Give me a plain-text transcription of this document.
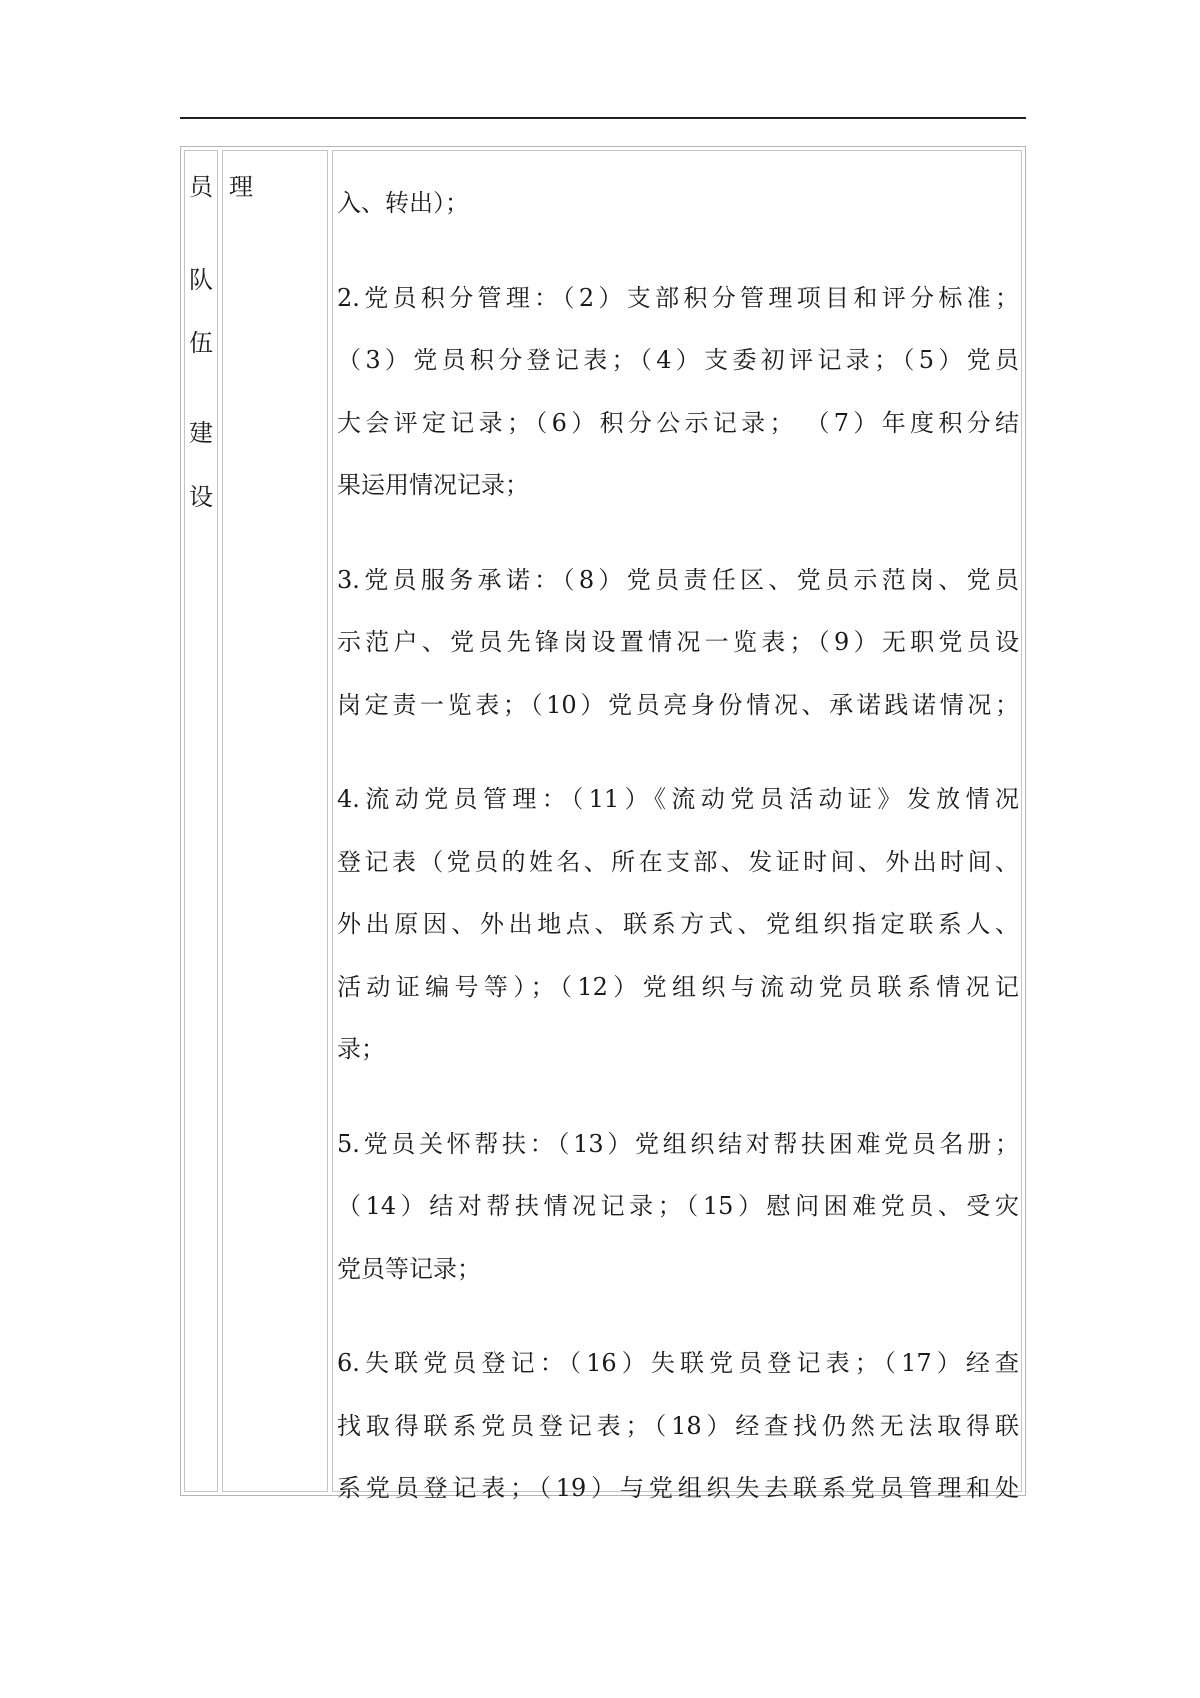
员
队
伍
建
设
理
入、转出）；
2.党员积分管理：（2）支部积分管理项目和评分标准；
（3）党员积分登记表；（4）支委初评记录；（5）党员
大会评定记录；（6）积分公示记录； （7）年度积分结
果运用情况记录；
3.党员服务承诺：（8）党员责任区、党员示范岗、党员
示范户、党员先锋岗设置情况一览表；（9）无职党员设
岗定责一览表；（10）党员亮身份情况、承诺践诺情况；
4.流动党员管理：（11）《流动党员活动证》发放情况
登记表（党员的姓名、所在支部、发证时间、外出时间、
外出原因、外出地点、联系方式、党组织指定联系人、
活动证编号等）；（12）党组织与流动党员联系情况记
录；
5.党员关怀帮扶：（13）党组织结对帮扶困难党员名册；
（14）结对帮扶情况记录；（15）慰问困难党员、受灾
党员等记录；
6.失联党员登记：（16）失联党员登记表；（17）经查
找取得联系党员登记表；（18）经查找仍然无法取得联
系党员登记表；（19）与党组织失去联系党员管理和处
